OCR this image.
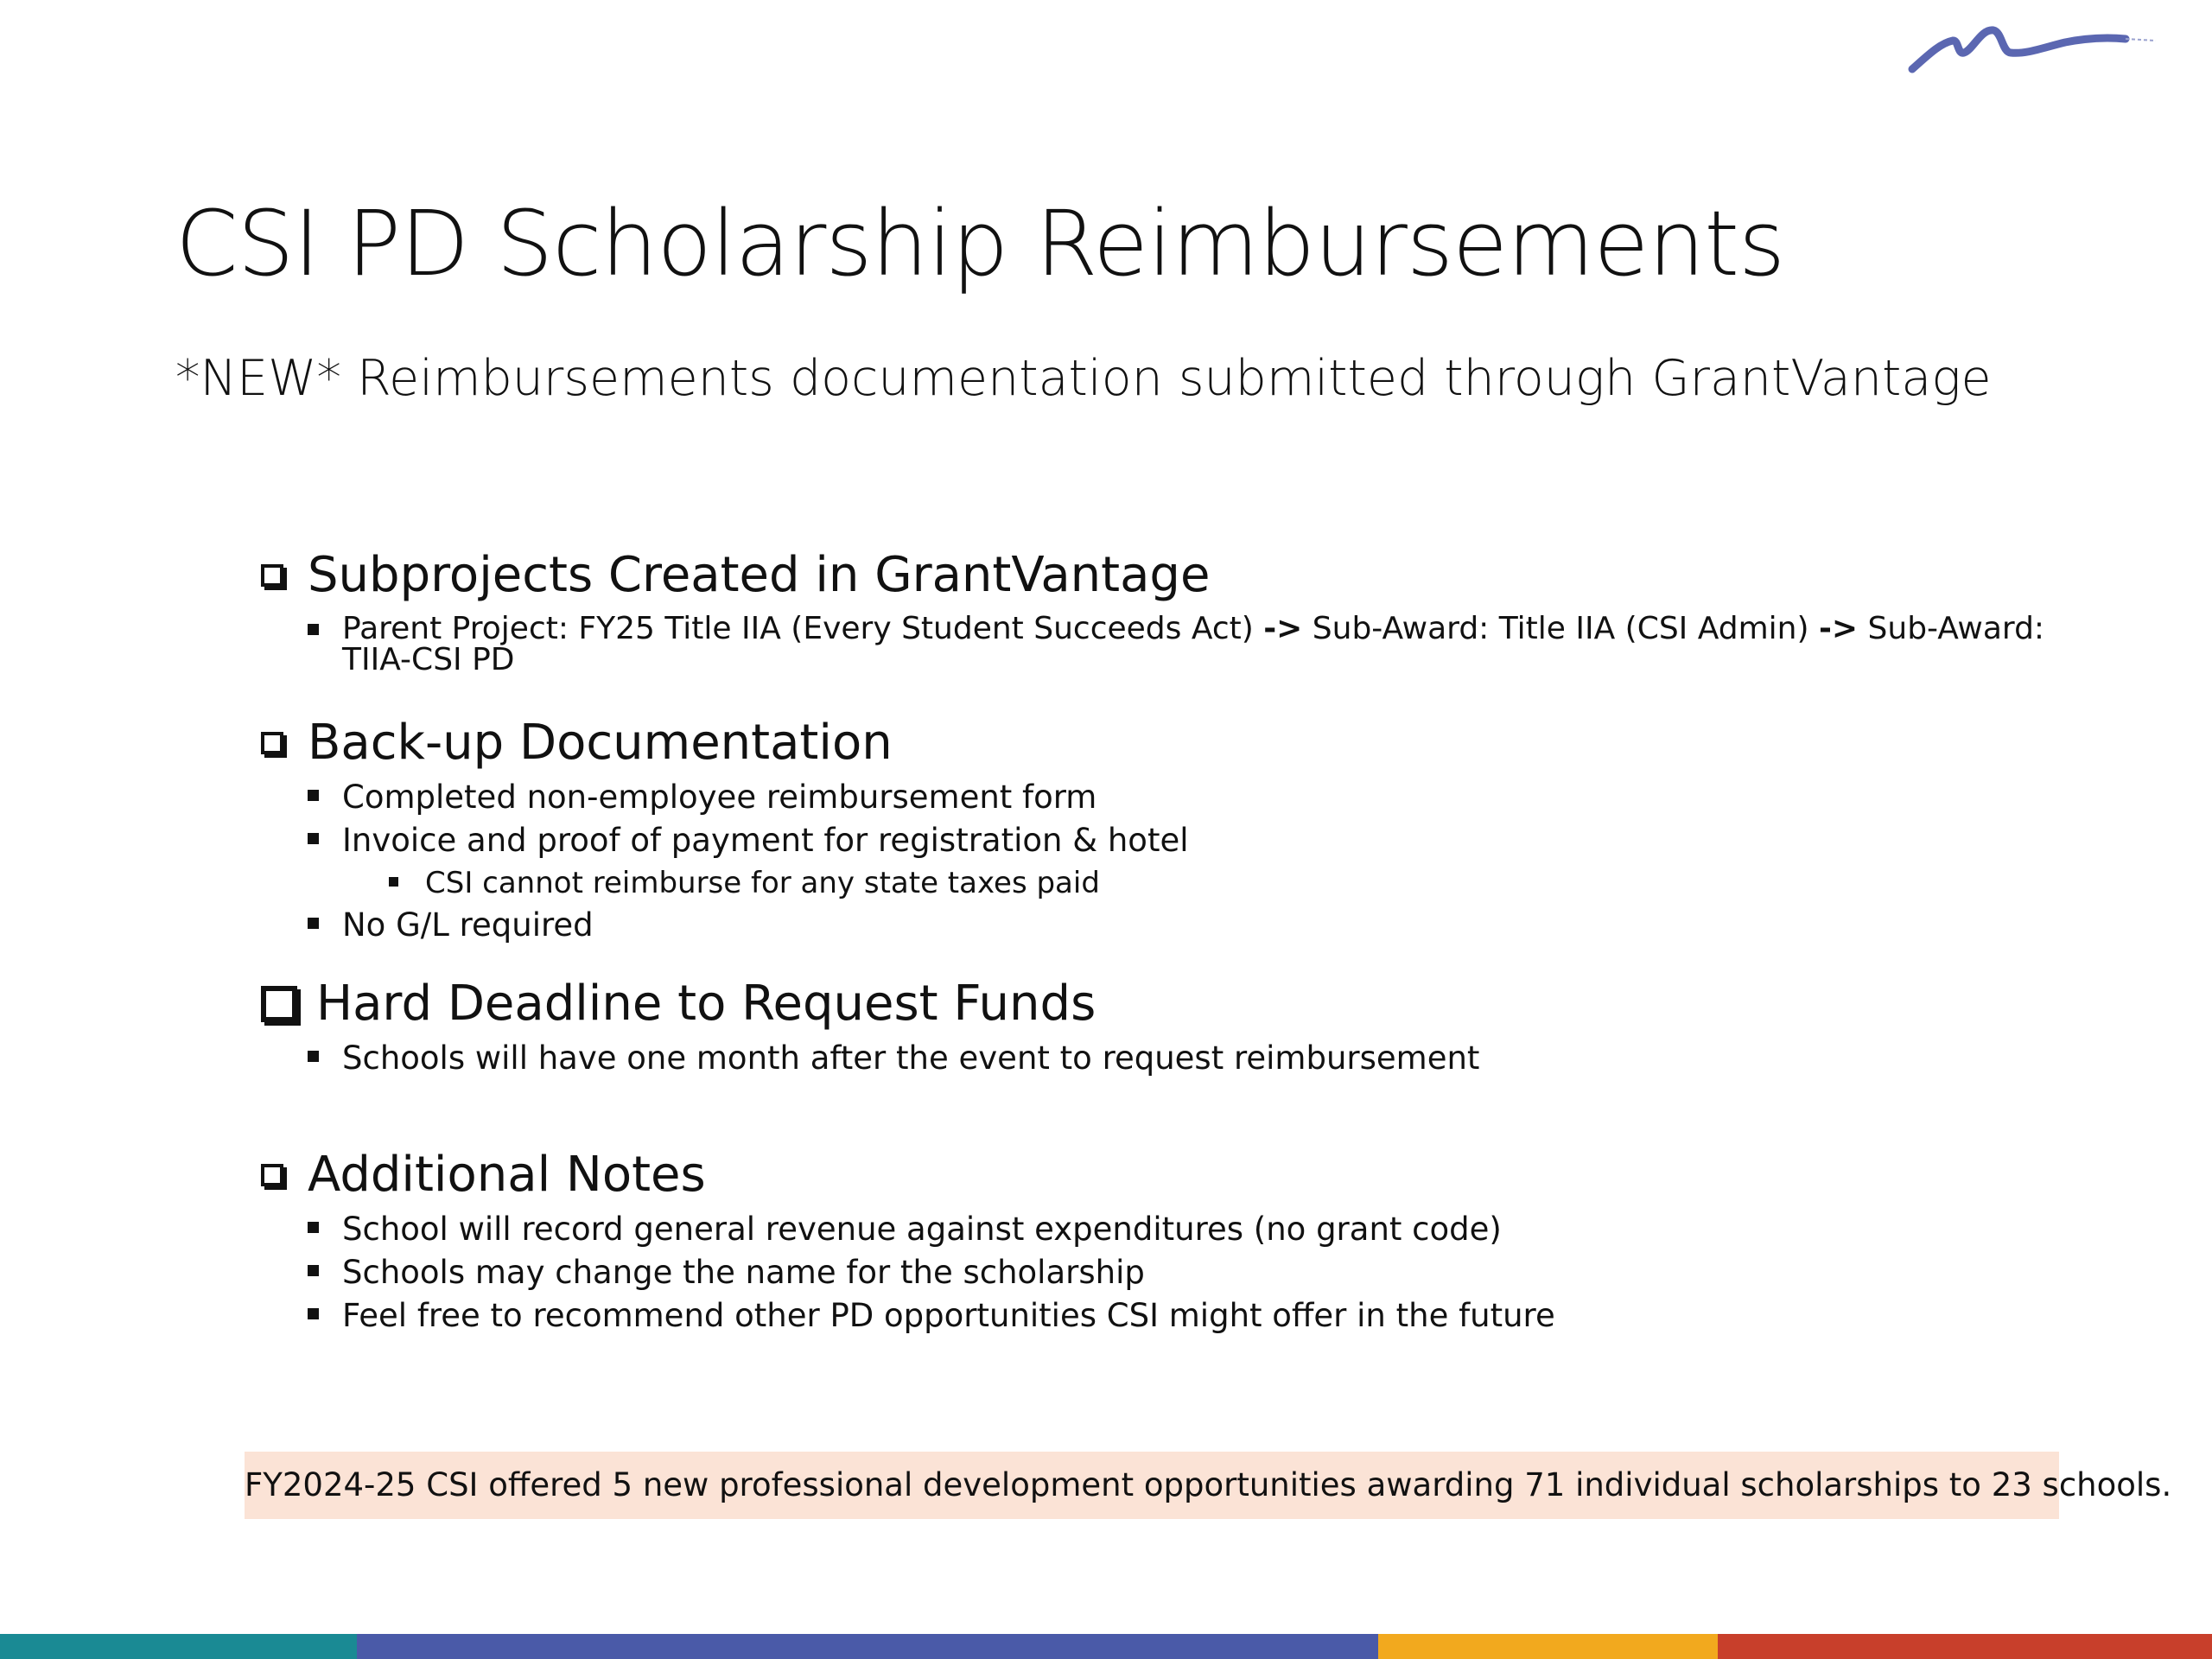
CSI PD Scholarship Reimbursements
*NEW* Reimbursements documentation submitted through GrantVantage
Subprojects Created in GrantVantage
Parent Project: FY25 Title IIA (Every Student Succeeds Act) -> Sub-Award: Title IIA (CSI Admin) -> Sub-Award: TIIA-CSI PD
Back-up Documentation
Completed non-employee reimbursement form
Invoice and proof of payment for registration & hotel
CSI cannot reimburse for any state taxes paid
No G/L required
Hard Deadline to Request Funds
Schools will have one month after the event to request reimbursement
Additional Notes
School will record general revenue against expenditures (no grant code)
Schools may change the name for the scholarship
Feel free to recommend other PD opportunities CSI might offer in the future
FY2024-25 CSI offered 5 new professional development opportunities awarding 71 individual scholarships to 23 schools.
